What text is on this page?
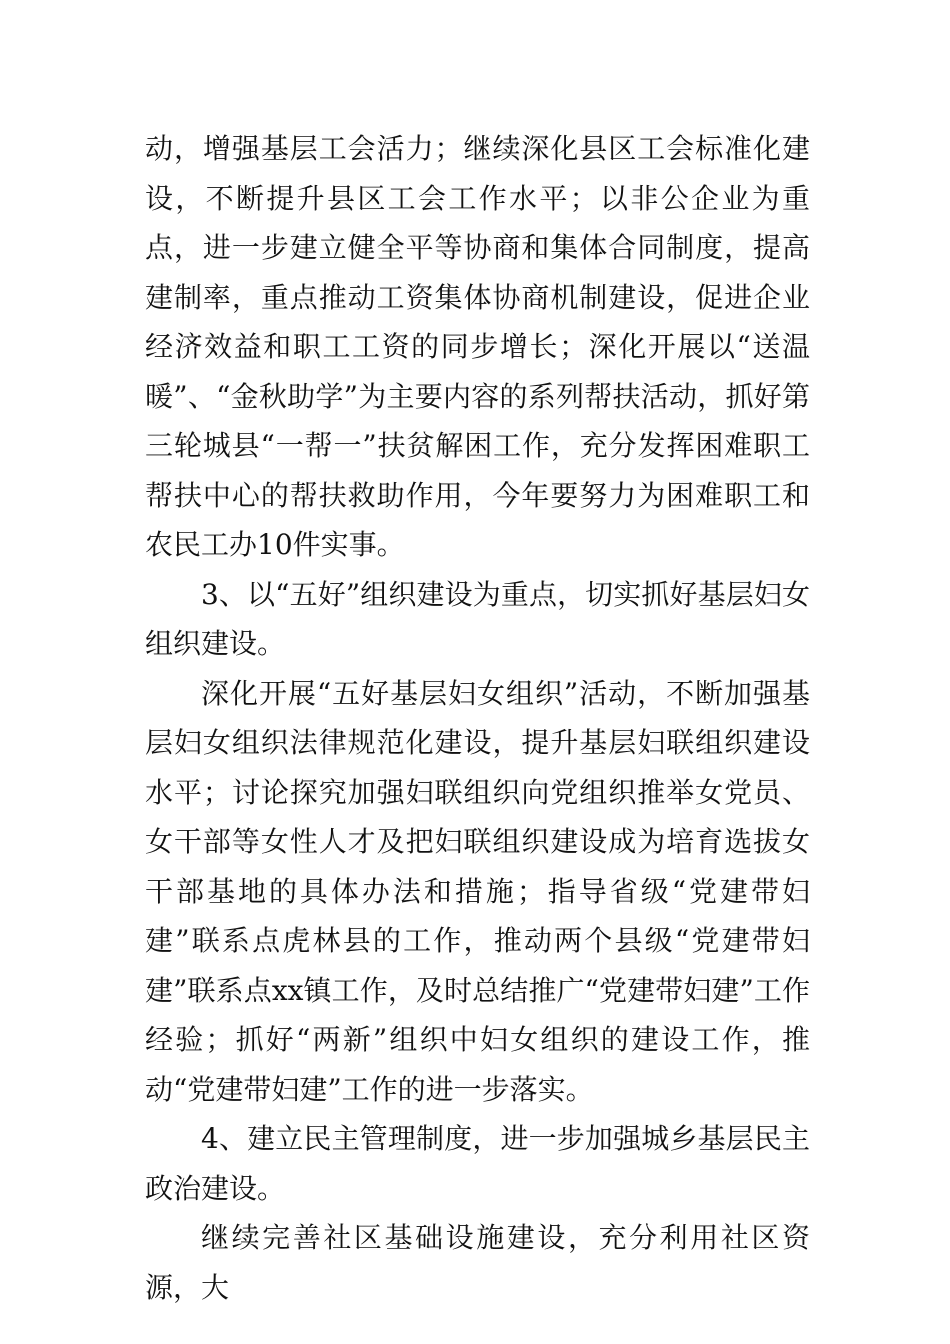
动，增强基层工会活力；继续深化县区工会标准化建设，不断提升县区工会工作水平；以非公企业为重点，进一步建立健全平等协商和集体合同制度，提高建制率，重点推动工资集体协商机制建设，促进企业经济效益和职工工资的同步增长；深化开展以“送温暖”、“金秋助学”为主要内容的系列帮扶活动，抓好第三轮城县“一帮一”扶贫解困工作，充分发挥困难职工帮扶中心的帮扶救助作用，今年要努力为困难职工和农民工办10件实事。

3、以“五好”组织建设为重点，切实抓好基层妇女组织建设。

深化开展“五好基层妇女组织”活动，不断加强基层妇女组织法律规范化建设，提升基层妇联组织建设水平；讨论探究加强妇联组织向党组织推举女党员、女干部等女性人才及把妇联组织建设成为培育选拔女干部基地的具体办法和措施；指导省级“党建带妇建”联系点虎林县的工作，推动两个县级“党建带妇建”联系点xx镇工作，及时总结推广“党建带妇建”工作经验；抓好“两新”组织中妇女组织的建设工作，推动“党建带妇建”工作的进一步落实。

4、建立民主管理制度，进一步加强城乡基层民主政治建设。

继续完善社区基础设施建设，充分利用社区资源，大
